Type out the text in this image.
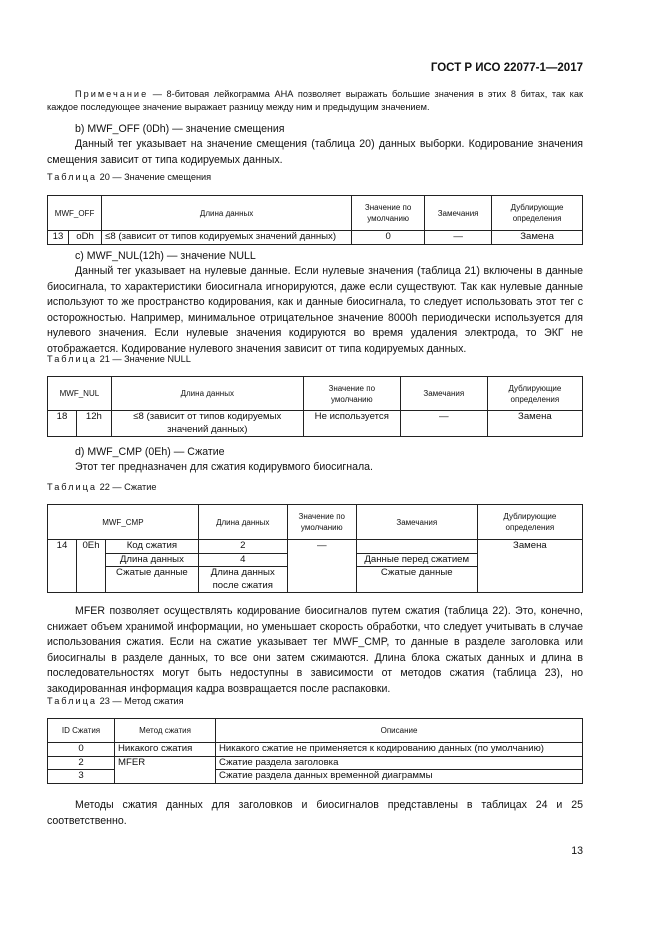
ГОСТ Р ИСО 22077-1—2017
Примечание — 8-битовая лейкограмма АНА позволяет выражать большие значения в этих 8 битах, так как каждое последующее значение выражает разницу между ним и предыдущим значением.
b) MWF_OFF (0Dh) — значение смещения
Данный тег указывает на значение смещения (таблица 20) данных выборки. Кодирование значения смещения зависит от типа кодируемых данных.
Таблица 20 — Значение смещения
MWF_OFF		Длина данных	Значение по умолчанию	Замечания	Дублирующие определения
13	oDh	≤8 (зависит от типов кодируемых значений данных)	0	—	Замена
c) MWF_NUL(12h) — значение NULL
Данный тег указывает на нулевые данные. Если нулевые значения (таблица 21) включены в данные биосигнала, то характеристики биосигнала игнорируются, даже если существуют. Так как нулевые данные используют то же пространство кодирования, как и данные биосигнала, то следует использовать этот тег с осторожностью. Например, минимальное отрицательное значение 8000h периодически используется для нулевого значения. Если нулевые значения кодируются во время удаления электрода, то ЭКГ не отображается. Кодирование нулевого значения зависит от типа кодируемых данных.
Таблица 21 — Значение NULL
MWF_NUL		Длина данных	Значение по умолчанию	Замечания	Дублирующие определения
18	12h	≤8 (зависит от типов кодируемых значений данных)	Не используется	—	Замена
d) MWF_CMP (0Eh) — Сжатие
Этот тег предназначен для сжатия кодирувмого биосигнала.
Таблица 22 — Сжатие
MWF_CMP			Длина данных	Значение по умолчанию	Замечания	Дублирующие определения
14	0Eh	Код сжатия	2	—		Замена
		Длина данных	4		Данные перед сжатием	
		Сжатые данные	Длина данных после сжатия		Сжатые данные	
MFER позволяет осуществлять кодирование биосигналов путем сжатия (таблица 22). Это, конечно, снижает объем хранимой информации, но уменьшает скорость обработки, что следует учитывать в случае использования сжатия. Если на сжатие указывает тег MWF_CMP, то данные в разделе заголовка или биосигналы в разделе данных, то все они затем сжимаются. Длина блока сжатых данных и длина в последовательностях могут быть недоступны в зависимости от методов сжатия (таблица 23), но закодированная информация кадра возвращается после распаковки.
Таблица 23 — Метод сжатия
ID Сжатия	Метод сжатия	Описание
0	Никакого сжатия	Никакого сжатие не применяется к кодированию данных (по умолчанию)
2	MFER	Сжатие раздела заголовка
3		Сжатие раздела данных временной диаграммы
Методы сжатия данных для заголовков и биосигналов представлены в таблицах 24 и 25 соответственно.
13
